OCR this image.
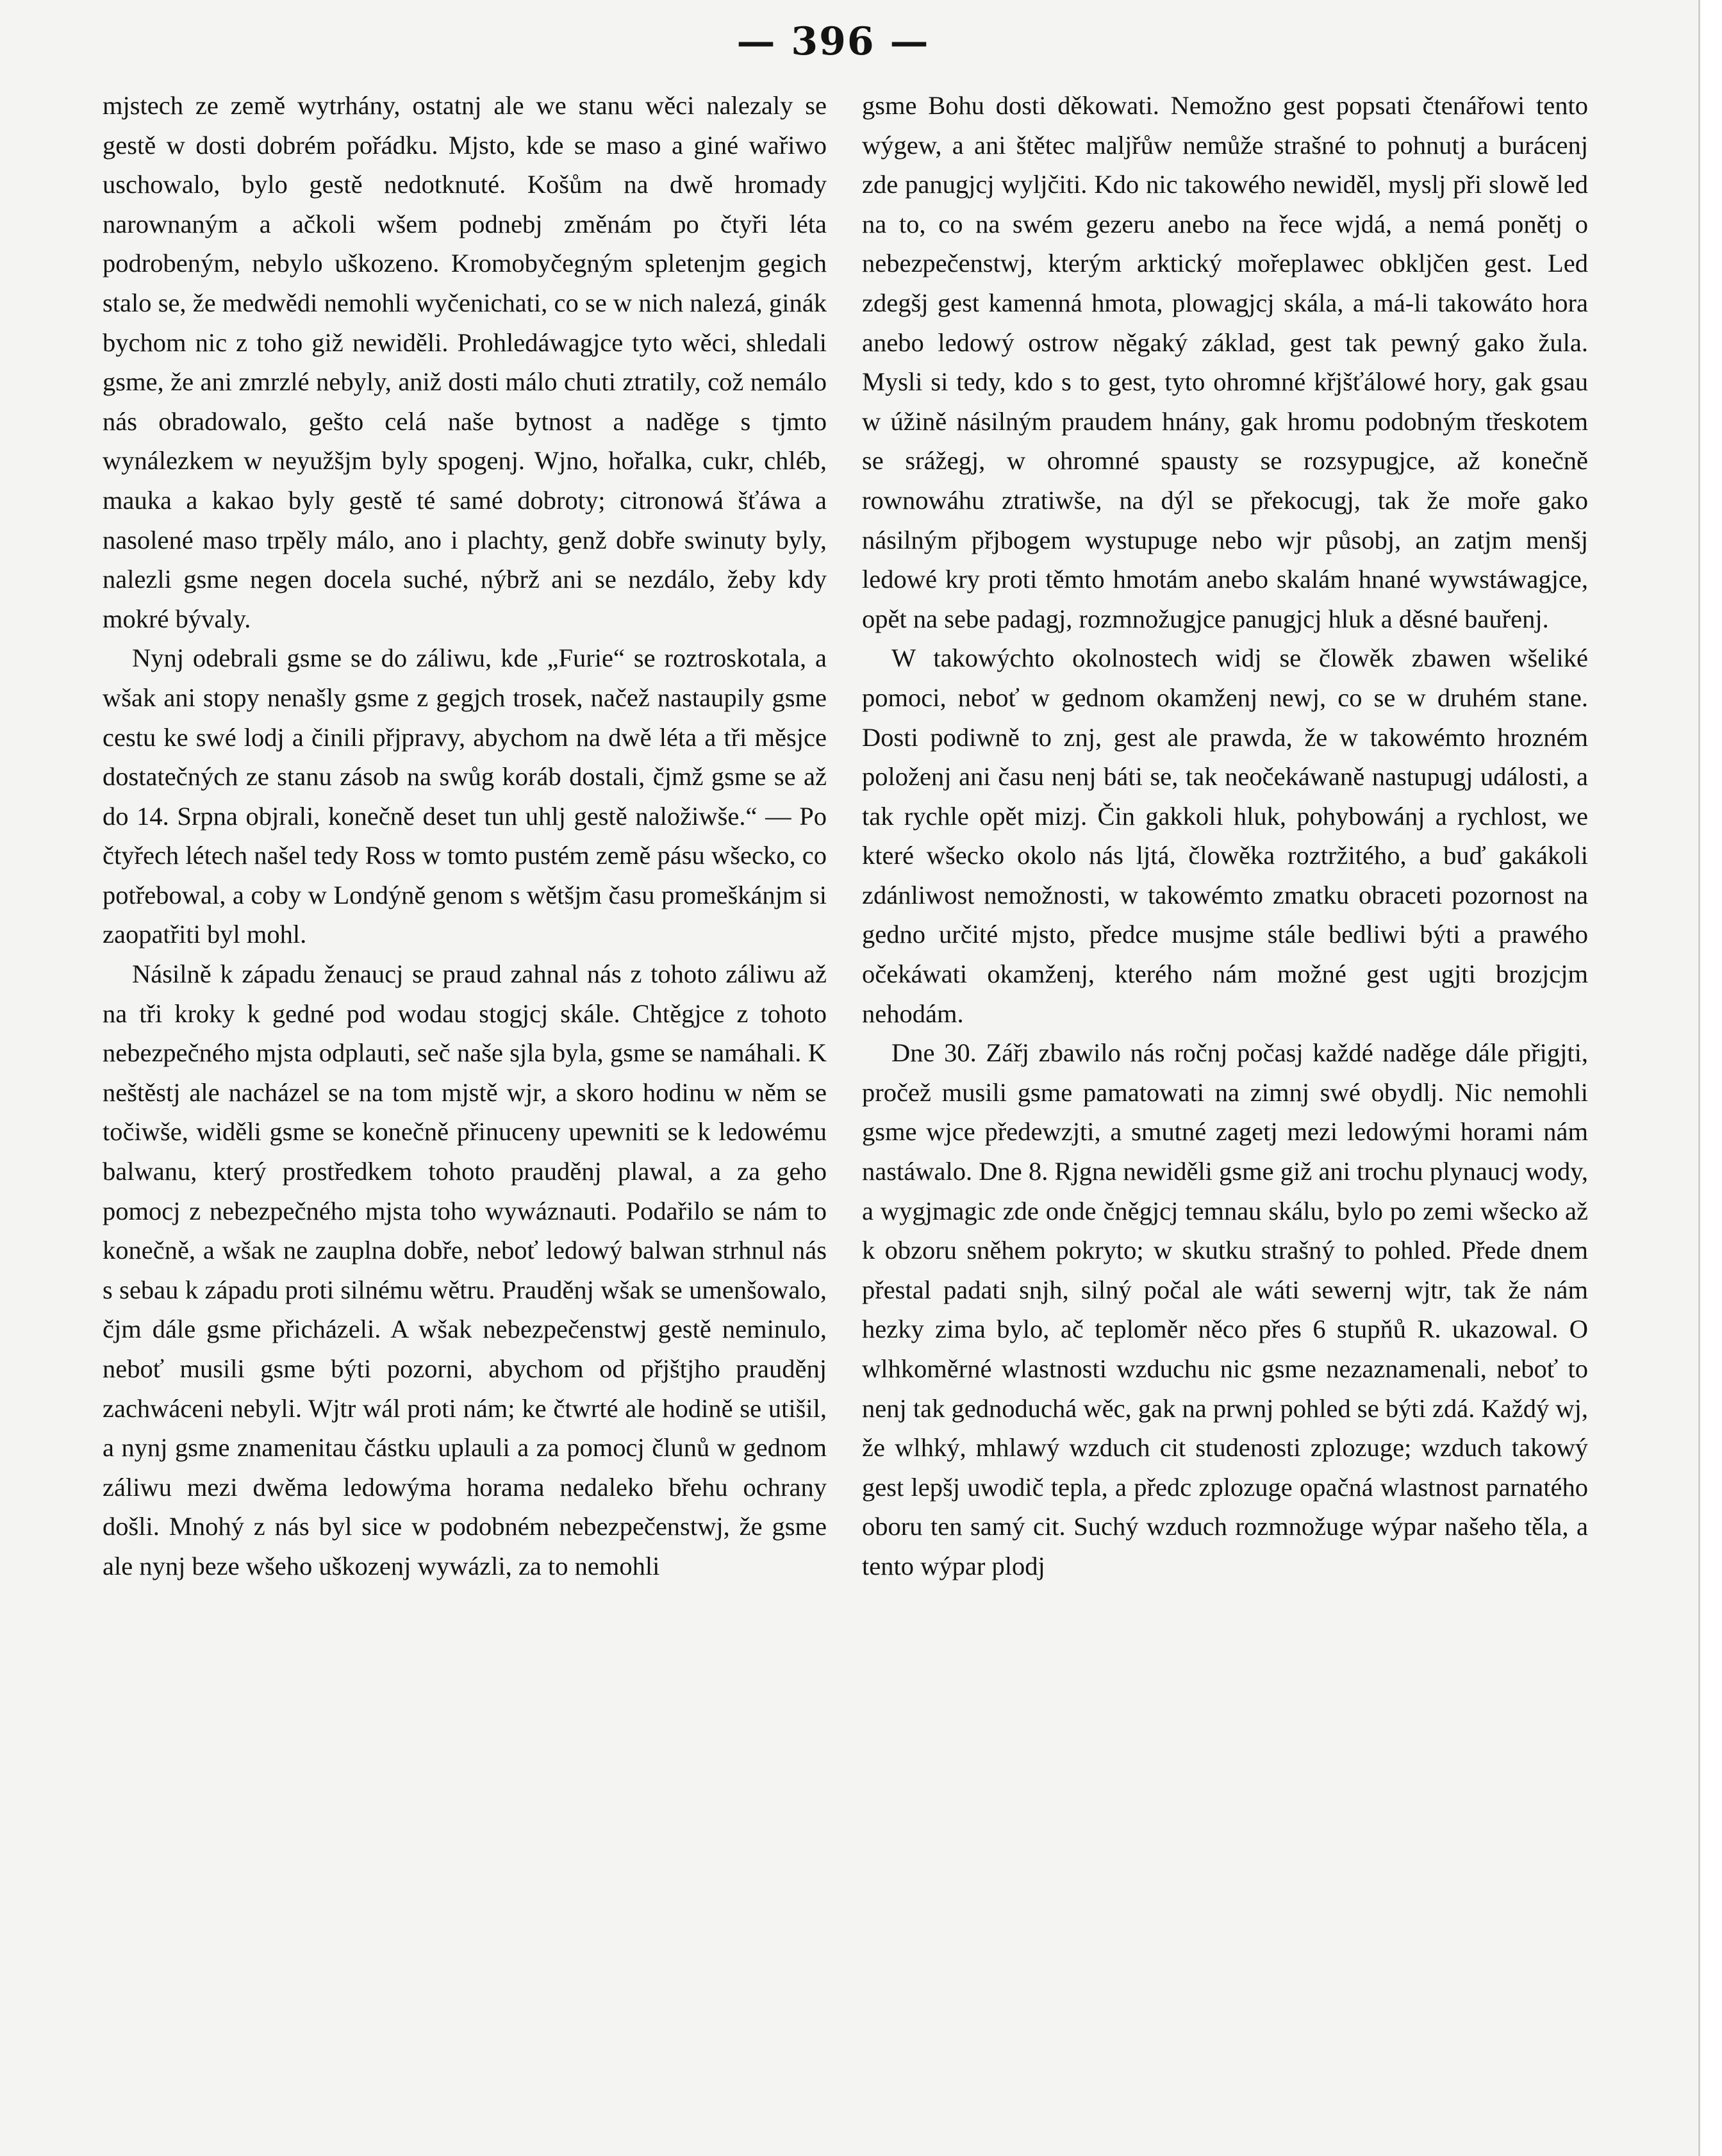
— 396 —

mjstech ze země wytrhány, ostatnj ale we stanu wěci nalezaly se gestě w dosti dobrém pořádku. Mjsto, kde se maso a giné wařiwo uschowalo, bylo gestě nedotknuté. Košům na dwě hromady narownaným a ačkoli wšem podnebj změnám po čtyři léta podrobeným, nebylo uškozeno. Kromobyčegným spletenjm gegich stalo se, že medwědi nemohli wyčenichati, co se w nich nalezá, ginák bychom nic z toho giž newiděli. Prohledáwagjce tyto wěci, shledali gsme, že ani zmrzlé nebyly, aniž dosti málo chuti ztratily, což nemálo nás obradowalo, gešto celá naše bytnost a naděge s tjmto wynálezkem w neyužšjm byly spogenj. Wjno, hořalka, cukr, chléb, mauka a kakao byly gestě té samé dobroty; citronowá šťáwa a nasolené maso trpěly málo, ano i plachty, genž dobře swinuty byly, nalezli gsme negen docela suché, nýbrž ani se nezdálo, žeby kdy mokré bývaly.

Nynj odebrali gsme se do záliwu, kde „Furie“ se roztroskotala, a wšak ani stopy nenašly gsme z gegjch trosek, načež nastaupily gsme cestu ke swé lodj a činili přjpravy, abychom na dwě léta a tři měsjce dostatečných ze stanu zásob na swůg koráb dostali, čjmž gsme se až do 14. Srpna objrali, konečně deset tun uhlj gestě naložiwše.“ — Po čtyřech létech našel tedy Ross w tomto pustém země pásu wšecko, co potřebowal, a coby w Londýně genom s wětšjm času promeškánjm si zaopatřiti byl mohl.

Násilně k západu ženaucj se praud zahnal nás z tohoto záliwu až na tři kroky k gedné pod wodau stogjcj skále. Chtěgjce z tohoto nebezpečného mjsta odplauti, seč naše sjla byla, gsme se namáhali. K neštěstj ale nacházel se na tom mjstě wjr, a skoro hodinu w něm se točiwše, widěli gsme se konečně přinuceny upewniti se k ledowému balwanu, který prostředkem tohoto prauděnj plawal, a za geho pomocj z nebezpečného mjsta toho wywáznauti. Podařilo se nám to konečně, a wšak ne zauplna dobře, neboť ledowý balwan strhnul nás s sebau k západu proti silnému wětru. Prauděnj wšak se umenšowalo, čjm dále gsme přicházeli. A wšak nebezpečenstwj gestě neminulo, neboť musili gsme býti pozorni, abychom od přjštjho prauděnj zachwáceni nebyli. Wjtr wál proti nám; ke čtwrté ale hodině se utišil, a nynj gsme znamenitau částku uplauli a za pomocj člunů w gednom záliwu mezi dwěma ledowýma horama nedaleko břehu ochrany došli. Mnohý z nás byl sice w podobném nebezpečenstwj, že gsme ale nynj beze wšeho uškozenj wywázli, za to nemohli

gsme Bohu dosti děkowati. Nemožno gest popsati čtenářowi tento wýgew, a ani štětec maljřůw nemůže strašné to pohnutj a burácenj zde panugjcj wyljčiti. Kdo nic takowého newiděl, myslj při slowě led na to, co na swém gezeru anebo na řece wjdá, a nemá ponětj o nebezpečenstwj, kterým arktický mořeplawec obkljčen gest. Led zdegšj gest kamenná hmota, plowagjcj skála, a má-li takowáto hora anebo ledowý ostrow něgaký základ, gest tak pewný gako žula. Mysli si tedy, kdo s to gest, tyto ohromné křjšťálowé hory, gak gsau w úžině násilným praudem hnány, gak hromu podobným třeskotem se srážegj, w ohromné spausty se rozsypugjce, až konečně rownowáhu ztratiwše, na dýl se překocugj, tak že moře gako násilným přjbogem wystupuge nebo wjr působj, an zatjm menšj ledowé kry proti těmto hmotám anebo skalám hnané wywstáwagjce, opět na sebe padagj, rozmnožugjce panugjcj hluk a děsné bauřenj.

W takowýchto okolnostech widj se člowěk zbawen wšeliké pomoci, neboť w gednom okamženj newj, co se w druhém stane. Dosti podiwně to znj, gest ale prawda, že w takowémto hrozném položenj ani času nenj báti se, tak neočekáwaně nastupugj události, a tak rychle opět mizj. Čin gakkoli hluk, pohybowánj a rychlost, we které wšecko okolo nás ljtá, člowěka roztržitého, a buď gakákoli zdánliwost nemožnosti, w takowémto zmatku obraceti pozornost na gedno určité mjsto, předce musjme stále bedliwi býti a prawého očekáwati okamženj, kterého nám možné gest ugjti brozjcjm nehodám.

Dne 30. Zářj zbawilo nás ročnj počasj každé naděge dále přigjti, pročež musili gsme pamatowati na zimnj swé obydlj. Nic nemohli gsme wjce předewzjti, a smutné zagetj mezi ledowými horami nám nastáwalo. Dne 8. Rjgna newiděli gsme giž ani trochu plynaucj wody, a wygjmagic zde onde čněgjcj temnau skálu, bylo po zemi wšecko až k obzoru sněhem pokryto; w skutku strašný to pohled. Přede dnem přestal padati snjh, silný počal ale wáti sewernj wjtr, tak že nám hezky zima bylo, ač teploměr něco přes 6 stupňů R. ukazowal. O wlhkoměrné wlastnosti wzduchu nic gsme nezaznamenali, neboť to nenj tak gednoduchá wěc, gak na prwnj pohled se býti zdá. Každý wj, že wlhký, mhlawý wzduch cit studenosti zplozuge; wzduch takowý gest lepšj uwodič tepla, a předc zplozuge opačná wlastnost parnatého oboru ten samý cit. Suchý wzduch rozmnožuge wýpar našeho těla, a tento wýpar plodj
